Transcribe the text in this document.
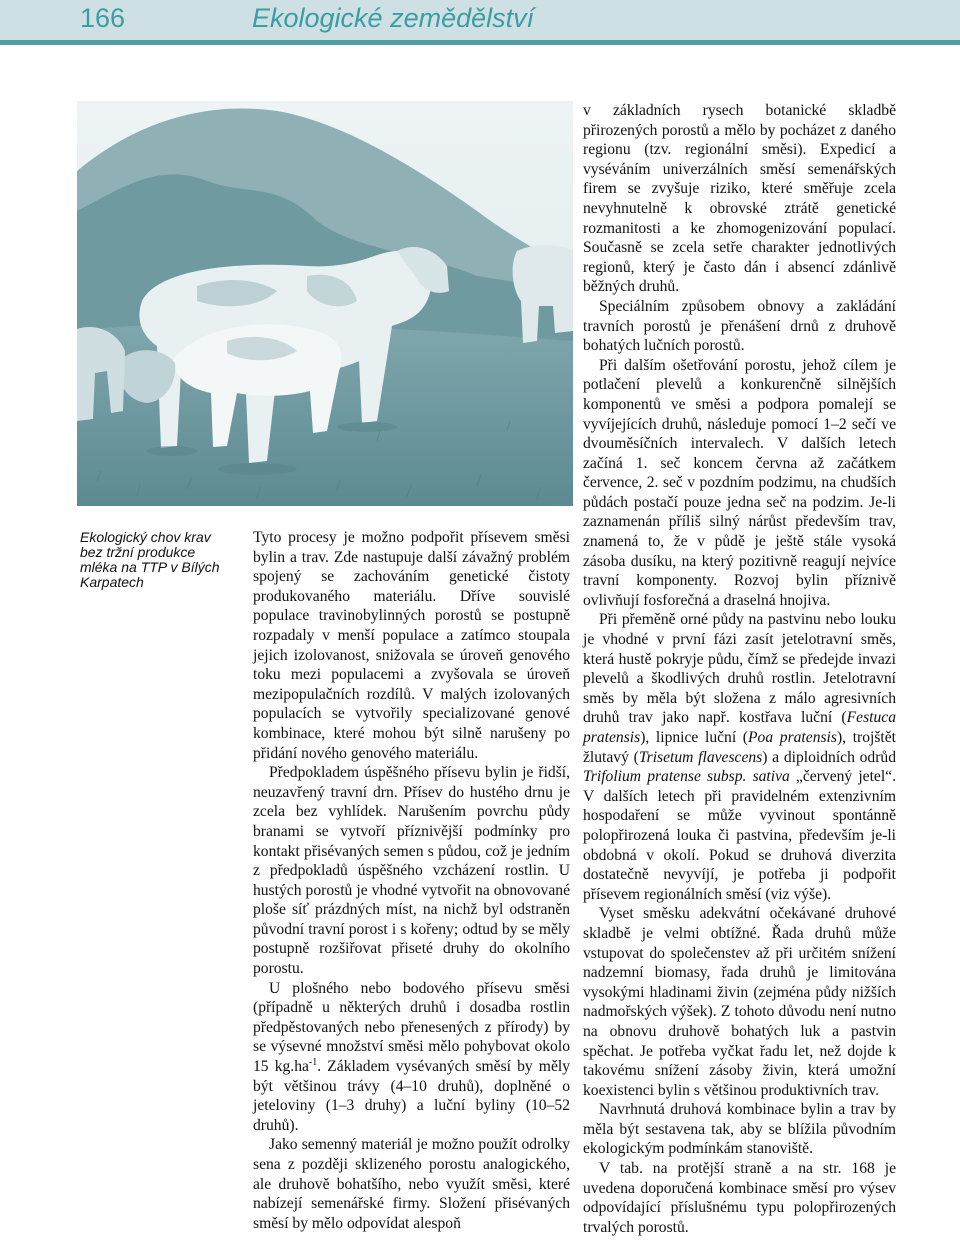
166	Ekologické zemědělství
Ekologický chov krav bez tržní produkce mléka na TTP v Bílých Karpatech

Tyto procesy je možno podpořit přísevem směsi bylin a trav. Zde nastupuje další závažný problém spojený se zachováním genetické čistoty produkovaného materiálu. Dříve souvislé populace travinobylinných porostů se postupně rozpadaly v menší populace a zatímco stoupala jejich izolovanost, snižovala se úroveň genového toku mezi populacemi a zvyšovala se úroveň mezipopulačních rozdílů. V malých izolovaných populacích se vytvořily specializované genové kombinace, které mohou být silně narušeny po přidání nového genového materiálu.

Předpokladem úspěšného přísevu bylin je řidší, neuzavřený travní drn. Přísev do hustého drnu je zcela bez vyhlídek. Narušením povrchu půdy branami se vytvoří příznivější podmínky pro kontakt přisévaných semen s půdou, což je jedním z předpokladů úspěšného vzcházení rostlin. U hustých porostů je vhodné vytvořit na obnovované ploše síť prázdných míst, na nichž byl odstraněn původní travní porost i s kořeny; odtud by se měly postupně rozšiřovat přiseté druhy do okolního porostu.

U plošného nebo bodového přísevu směsi (případně u některých druhů i dosadba rostlin předpěstovaných nebo přenesených z přírody) by se výsevné množství směsi mělo pohybovat okolo 15 $kg.ha^{-1}$. Základem vysévaných směsí by měly být většinou trávy (4–10 druhů), doplněné o jeteloviny (1–3 druhy) a luční byliny (10–52 druhů).

Jako semenný materiál je možno použít odrolky sena z později sklizeného porostu analogického, ale druhově bohatšího, nebo využít směsi, které nabízejí semenářské firmy. Složení přisévaných směsí by mělo odpovídat alespoň

v základních rysech botanické skladbě přirozených porostů a mělo by pocházet z daného regionu (tzv. regionální směsi). Expedicí a vyséváním univerzálních směsí semenářských firem se zvyšuje riziko, které směřuje zcela nevyhnutelně k obrovské ztrátě genetické rozmanitosti a ke zhomogenizování populací. Současně se zcela setře charakter jednotlivých regionů, který je často dán i absencí zdánlivě běžných druhů.

Speciálním způsobem obnovy a zakládání travních porostů je přenášení drnů z druhově bohatých lučních porostů.

Při dalším ošetřování porostu, jehož cílem je potlačení plevelů a konkurenčně silnějších komponentů ve směsi a podpora pomalejí se vyvíjejících druhů, následuje pomocí 1–2 sečí ve dvouměsíčních intervalech. V dalších letech začíná 1. seč koncem června až začátkem července, 2. seč v pozdním podzimu, na chudších půdách postačí pouze jedna seč na podzim. Je-li zaznamenán příliš silný nárůst především trav, znamená to, že v půdě je ještě stále vysoká zásoba dusíku, na který pozitivně reagují nejvíce travní komponenty. Rozvoj bylin příznivě ovlivňují fosforečná a draselná hnojiva.

Při přeměně orné půdy na pastvinu nebo louku je vhodné v první fázi zasít jetelotravní směs, která hustě pokryje půdu, čímž se předejde invazi plevelů a škodlivých druhů rostlin. Jetelotravní směs by měla být složena z málo agresivních druhů trav jako např. kostřava luční (Festuca pratensis), lipnice luční (Poa pratensis), trojštět žlutavý (Trisetum flavescens) a diploidních odrůd Trifolium pratense subsp. sativa „červený jetel“. V dalších letech při pravidelném extenzivním hospodaření se může vyvinout spontánně polopřirozená louka či pastvina, především je-li obdobná v okolí. Pokud se druhová diverzita dostatečně nevyvíjí, je potřeba ji podpořit přísevem regionálních směsí (viz výše).

Vyset směsku adekvátní očekávané druhové skladbě je velmi obtížné. Řada druhů může vstupovat do společenstev až při určitém snížení nadzemní biomasy, řada druhů je limitována vysokými hladinami živin (zejména půdy nižších nadmořských výšek). Z tohoto důvodu není nutno na obnovu druhově bohatých luk a pastvin spěchat. Je potřeba vyčkat řadu let, než dojde k takovému snížení zásoby živin, která umožní koexistenci bylin s většinou produktivních trav.

Navrhnutá druhová kombinace bylin a trav by měla být sestavena tak, aby se blížila původním ekologickým podmínkám stanoviště.

V tab. na protější straně a na str. 168 je uvedena doporučená kombinace směsí pro výsev odpovídající příslušnému typu polopřirozených trvalých porostů.
